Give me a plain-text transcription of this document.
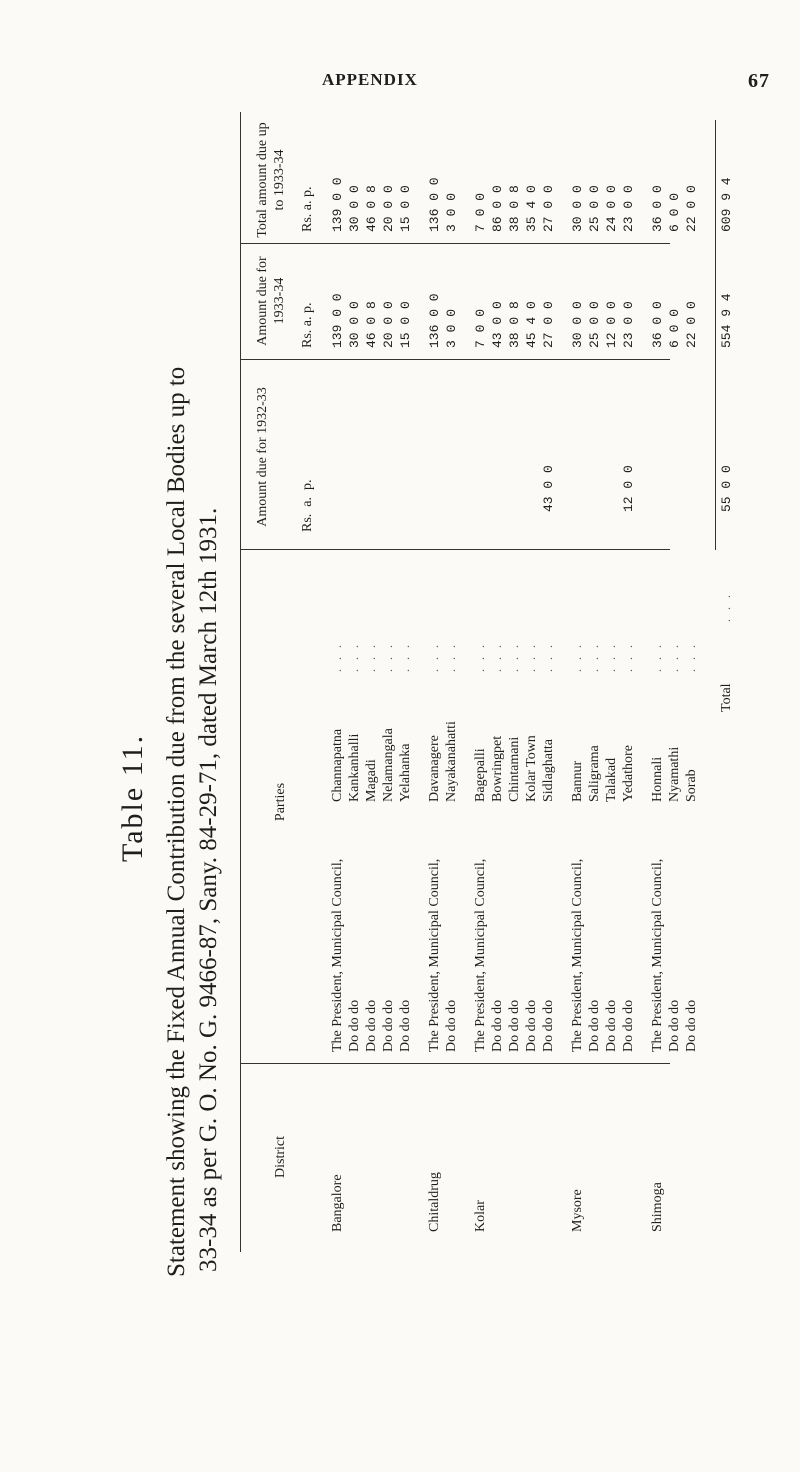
APPENDIX	67
Table 11. Statement showing the Fixed Annual Contribution due from the several Local Bodies up to 33-34 as per G. O. No. G. 9466-87, Sany. 84-29-71, dated March 12th 1931.	District
Parties
Amount due for 1932-33
Amount due for 1933-34
Total amount due up to 1933-34
Rs.  a.  p.
Rs. a. p.
Rs. a. p.
Bangalore
The President, Municipal Council,
Channapatna
. . .
139 0 0
139 0 0
Do do do
Kankanhalli
. . .
30 0 0
30 0 0
Do do do
Magadi
. . .
46 0 8
46 0 8
Do do do
Nelamangala
. . .
20 0 0
20 0 0
Do do do
Yelahanka
. . .
15 0 0
15 0 0
Chitaldrug
The President, Municipal Council,
Davanagere
. . .
136 0 0
136 0 0
Do do do
Nayakanahatti
. . .
3 0 0
3 0 0
Kolar
The President, Municipal Council,
Bagepalli
. . .
7 0 0
7 0 0
Do do do
Bowringpet
. . .
43 0 0
86 0 0
Do do do
Chintamani
. . .
38 0 8
38 0 8
Do do do
Kolar Town
. . .
45 4 0
35 4 0
Do do do
Sidlaghatta
. . .
43 0 0
27 0 0
27 0 0
Mysore
The President, Municipal Council,
Bannur
. . .
30 0 0
30 0 0
Do do do
Saligrama
. . .
25 0 0
25 0 0
Do do do
Talakad
. . .
12 0 0
24 0 0
Do do do
Yedathore
. . .
12 0 0
23 0 0
23 0 0
Shimoga
The President, Municipal Council,
Honnali
. . .
36 0 0
36 0 0
Do do do
Nyamathi
. . .
6 0 0
6 0 0
Do do do
Sorab
. . .
22 0 0
22 0 0
Total
. . .
55 0 0
554 9 4
609 9 4
